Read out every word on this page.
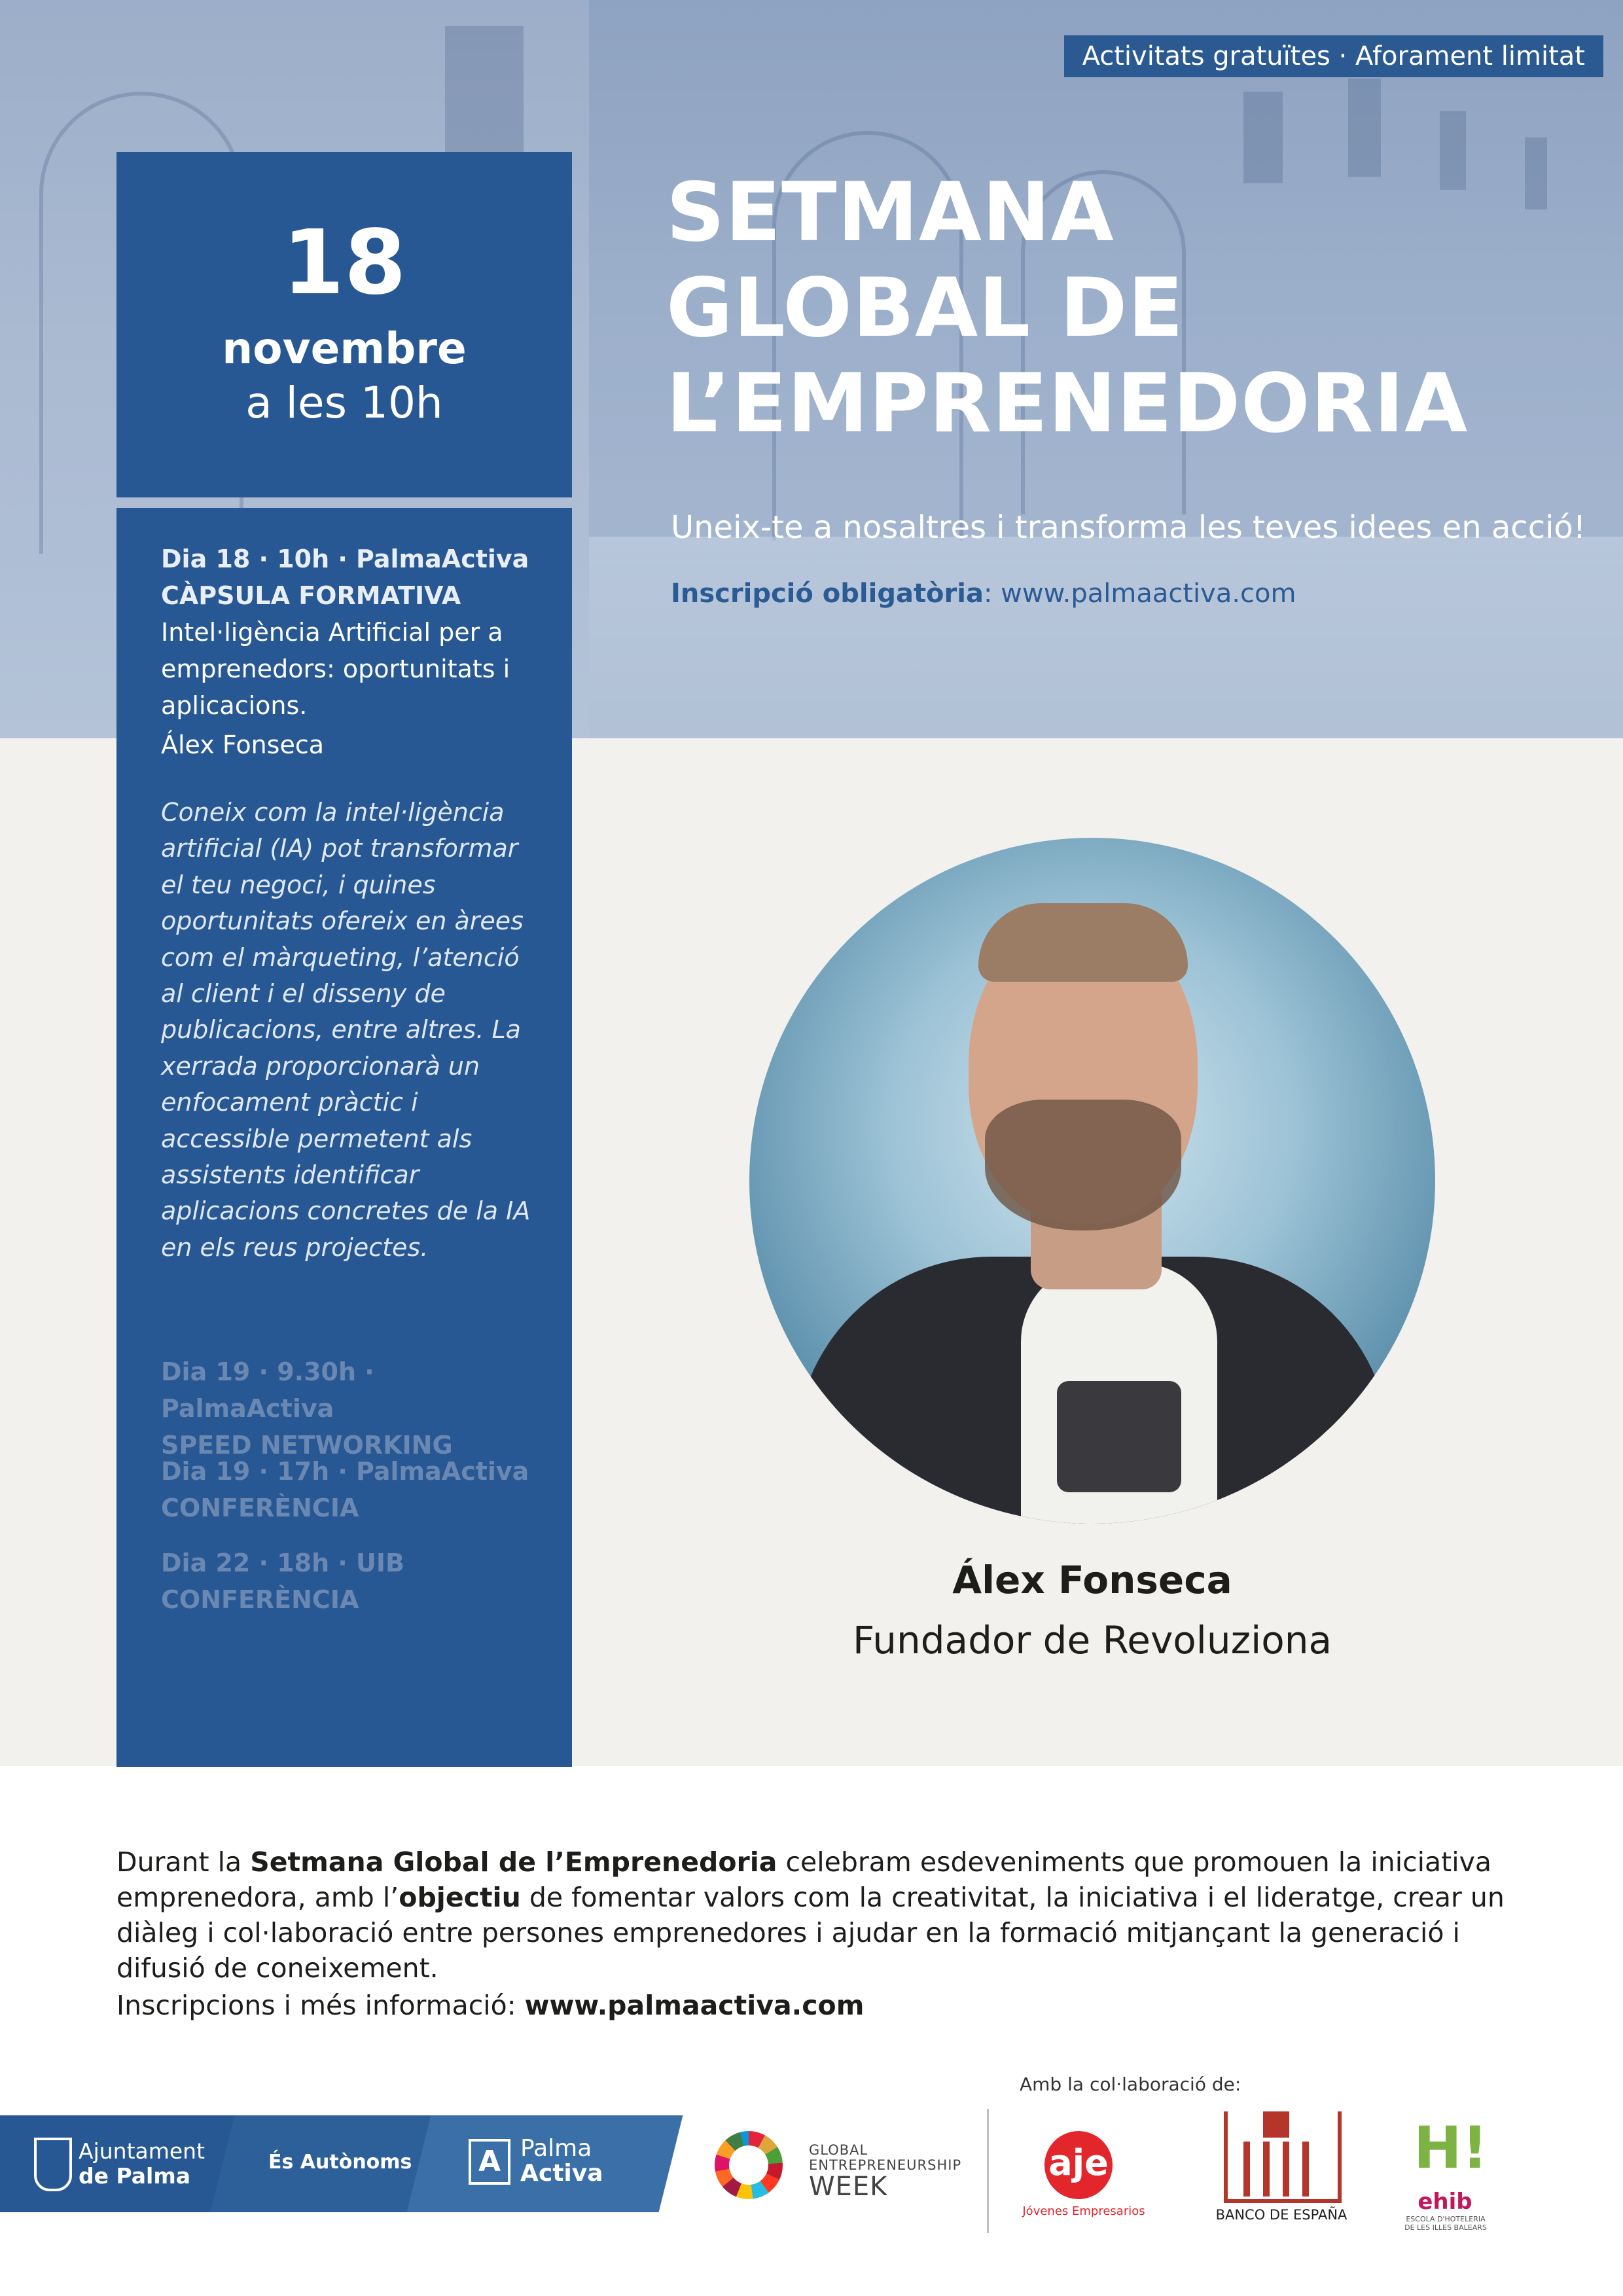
Activitats gratuïtes · Aforament limitat
SETMANA
GLOBAL DE
L’EMPRENEDORIA
Uneix-te a nosaltres i transforma les teves idees en acció!
Inscripció obligatòria: www.palmaactiva.com
18
novembre
a les 10h
Dia 18 · 10h · PalmaActiva
CÀPSULA FORMATIVA
Intel·ligència Artificial per a emprenedors: oportunitats i aplicacions.
Álex Fonseca
Coneix com la intel·ligència artificial (IA) pot transformar el teu negoci, i quines oportunitats ofereix en àrees com el màrqueting, l’atenció al client i el disseny de publicacions, entre altres. La xerrada proporcionarà un enfocament pràctic i accessible permetent als assistents identificar aplicacions concretes de la IA en els reus projectes.
Dia 19 · 9.30h · PalmaActiva
SPEED NETWORKING
Dia 19 · 17h · PalmaActiva
CONFERÈNCIA
Dia 22 · 18h · UIB
CONFERÈNCIA	Álex Fonseca
Fundador de Revoluziona
Durant la Setmana Global de l’Emprenedoria celebram esdeveniments que promouen la iniciativa emprenedora, amb l’objectiu de fomentar valors com la creativitat, la iniciativa i el lideratge, crear un diàleg i col·laboració entre persones emprenedores i ajudar en la formació mitjançant la generació i difusió de coneixement.
Inscripcions i més informació: www.palmaactiva.com
Amb la col·laboració de:
Ajuntament
de Palma
És Autònoms	A Palma
Activa
GLOBAL
ENTREPRENEURSHIP
WEEK
aje
Jóvenes Empresarios	BANCO DE ESPAÑA
H!
ehib
ESCOLA D'HOTELERIA DE LES ILLES BALEARS
